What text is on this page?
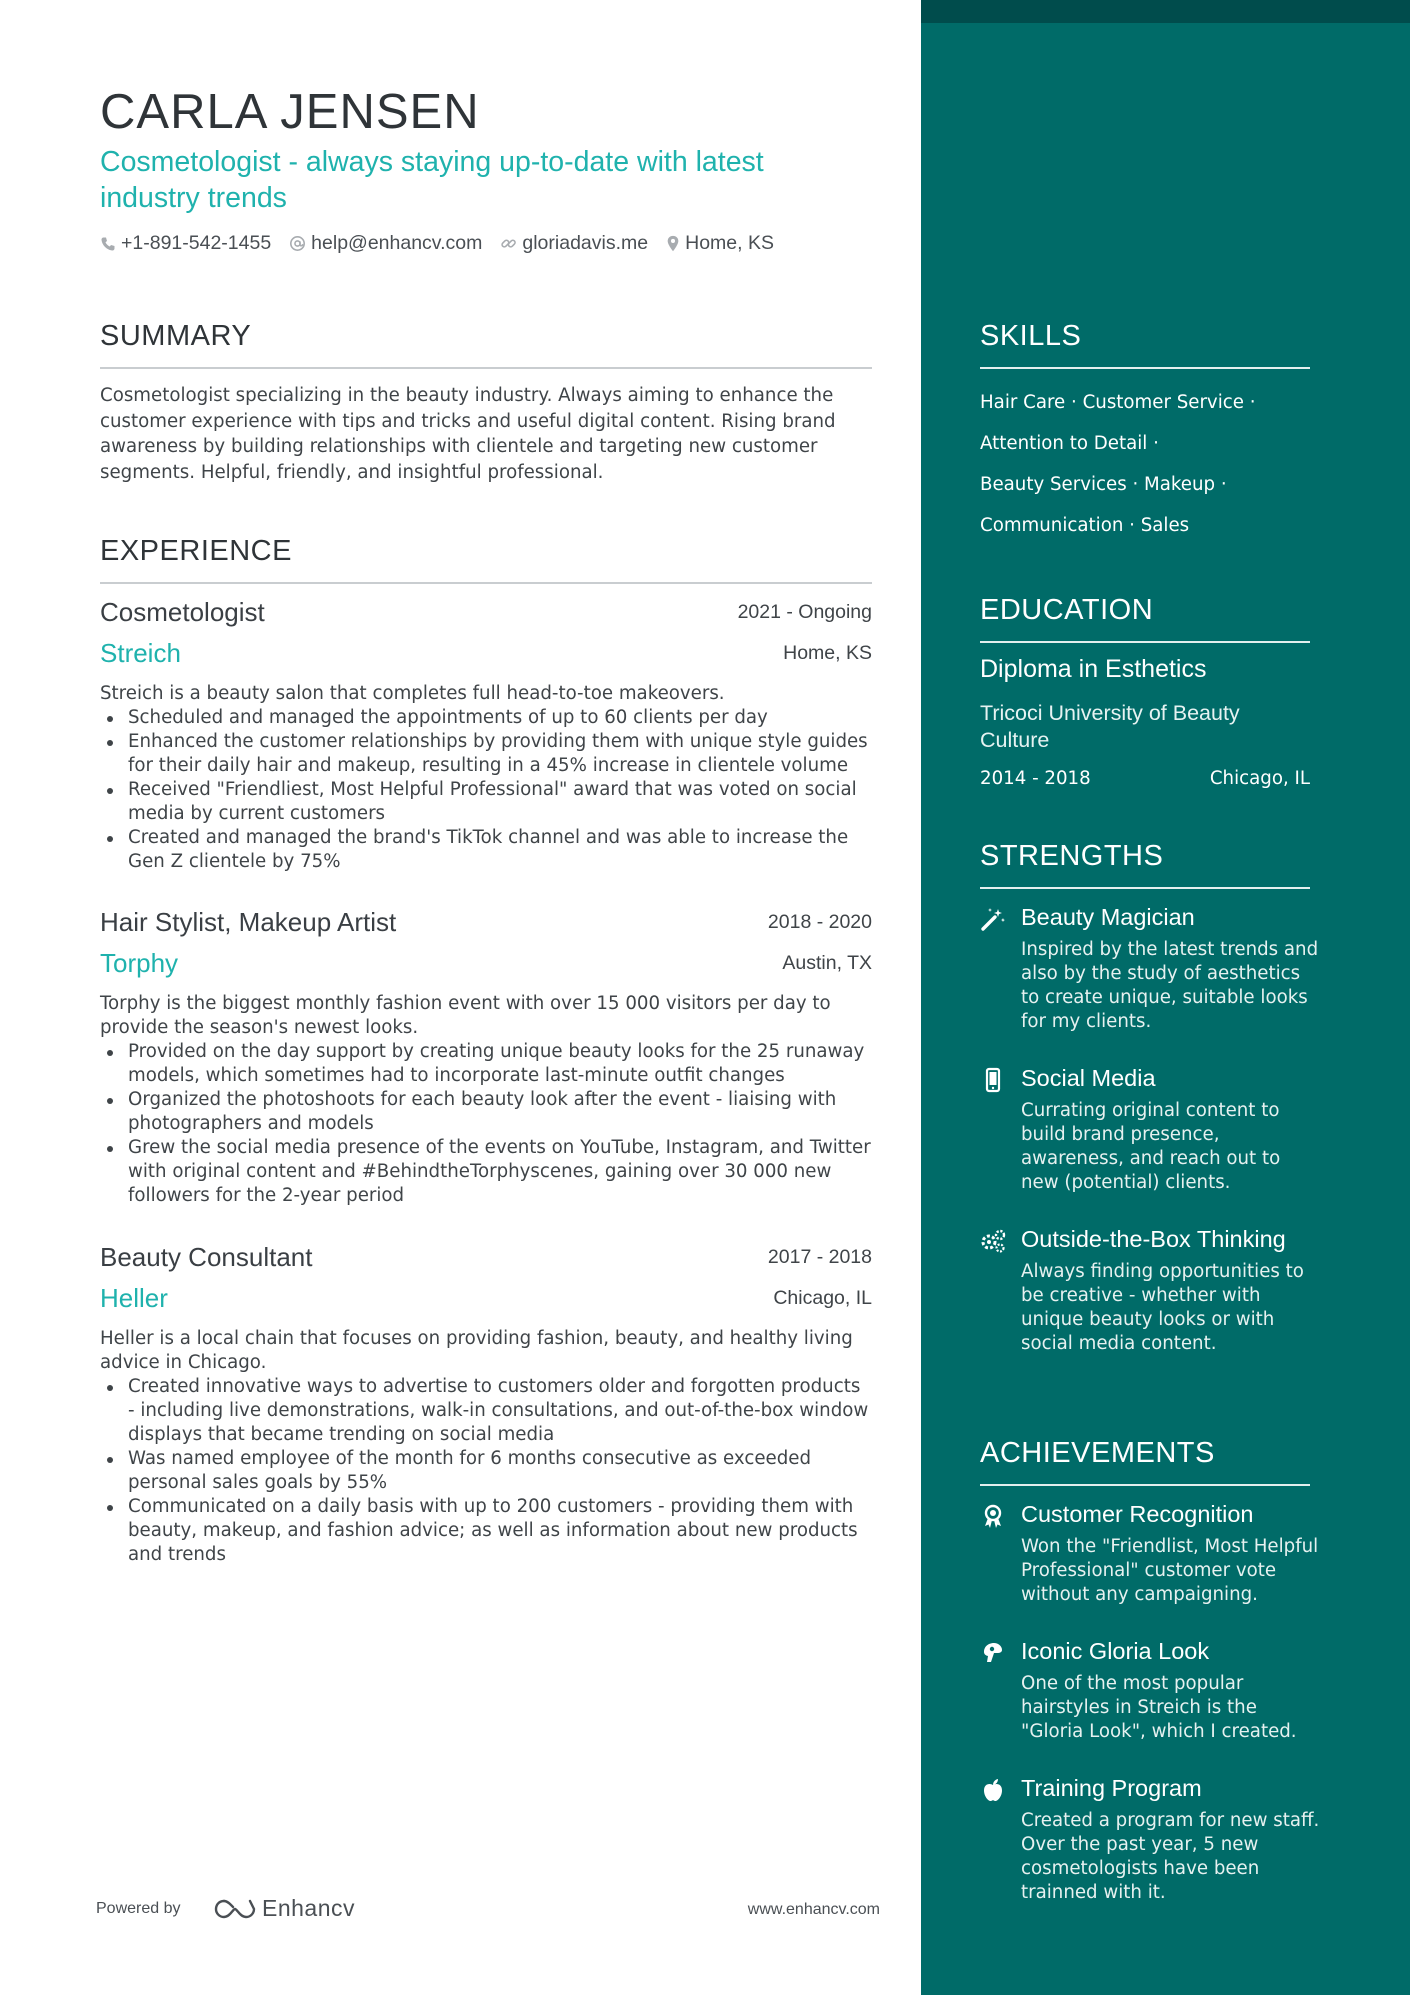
CARLA JENSEN
Cosmetologist - always staying up-to-date with latest industry trends
+1-891-542-1455 help@enhancv.com gloriadavis.me Home, KS
SUMMARY
Cosmetologist specializing in the beauty industry. Always aiming to enhance the customer experience with tips and tricks and useful digital content. Rising brand awareness by building relationships with clientele and targeting new customer segments. Helpful, friendly, and insightful professional.
EXPERIENCE
Cosmetologist	2021 - Ongoing
Streich	Home, KS
Streich is a beauty salon that completes full head-to-toe makeovers.
Scheduled and managed the appointments of up to 60 clients per day
Enhanced the customer relationships by providing them with unique style guides for their daily hair and makeup, resulting in a 45% increase in clientele volume
Received "Friendliest, Most Helpful Professional" award that was voted on social media by current customers
Created and managed the brand's TikTok channel and was able to increase the Gen Z clientele by 75%
Hair Stylist, Makeup Artist	2018 - 2020
Torphy	Austin, TX
Torphy is the biggest monthly fashion event with over 15 000 visitors per day to provide the season's newest looks.
Provided on the day support by creating unique beauty looks for the 25 runaway models, which sometimes had to incorporate last-minute outfit changes
Organized the photoshoots for each beauty look after the event - liaising with photographers and models
Grew the social media presence of the events on YouTube, Instagram, and Twitter with original content and #BehindtheTorphyscenes, gaining over 30 000 new followers for the 2-year period
Beauty Consultant	2017 - 2018
Heller	Chicago, IL
Heller is a local chain that focuses on providing fashion, beauty, and healthy living advice in Chicago.
Created innovative ways to advertise to customers older and forgotten products - including live demonstrations, walk-in consultations, and out-of-the-box window displays that became trending on social media
Was named employee of the month for 6 months consecutive as exceeded personal sales goals by 55%
Communicated on a daily basis with up to 200 customers - providing them with beauty, makeup, and fashion advice; as well as information about new products and trends
Powered by	Enhancv	www.enhancv.com
SKILLS
Hair Care · Customer Service ·
Attention to Detail ·
Beauty Services · Makeup ·
Communication · Sales
EDUCATION
Diploma in Esthetics
Tricoci University of Beauty Culture
2014 - 2018	Chicago, IL
STRENGTHS
Beauty Magician
Inspired by the latest trends and also by the study of aesthetics to create unique, suitable looks for my clients.
Social Media
Currating original content to build brand presence, awareness, and reach out to new (potential) clients.
Outside-the-Box Thinking
Always finding opportunities to be creative - whether with unique beauty looks or with social media content.
ACHIEVEMENTS
Customer Recognition
Won the "Friendlist, Most Helpful Professional" customer vote without any campaigning.
Iconic Gloria Look
One of the most popular hairstyles in Streich is the "Gloria Look", which I created.
Training Program
Created a program for new staff. Over the past year, 5 new cosmetologists have been trainned with it.
